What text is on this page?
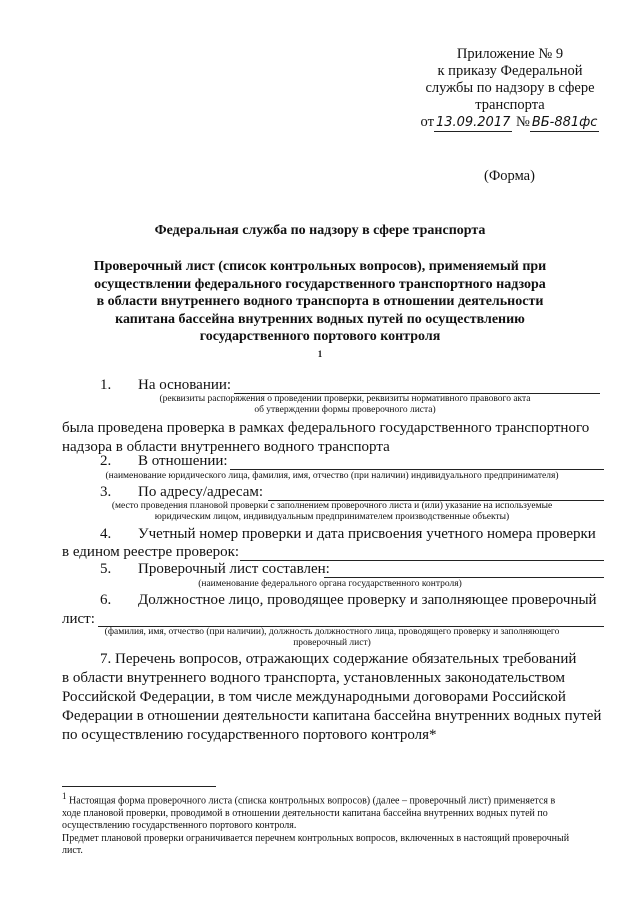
Приложение № 9
к приказу Федеральной
службы по надзору в сфере
транспорта
от 13.09.2017 № ВБ-881фс
(Форма)
Федеральная служба по надзору в сфере транспорта
Проверочный лист (список контрольных вопросов), применяемый при
осуществлении федерального государственного транспортного надзора
в области внутреннего водного транспорта в отношении деятельности
капитана бассейна внутренних водных путей по осуществлению
государственного портового контроля
$^1$
1. На основании:
(реквизиты распоряжения о проведении проверки, реквизиты нормативного правового акта
об утверждении формы проверочного листа)
была проведена проверка в рамках федерального государственного транспортного
надзора в области внутреннего водного транспорта
2. В отношении:
(наименование юридического лица, фамилия, имя, отчество (при наличии) индивидуального предпринимателя)
3. По адресу/адресам:
(место проведения плановой проверки с заполнением проверочного листа и (или) указание на используемые
юридическим лицом, индивидуальным предпринимателем производственные объекты)
4. Учетный номер проверки и дата присвоения учетного номера проверки
в едином реестре проверок:
5. Проверочный лист составлен:
(наименование федерального органа государственного контроля)
6. Должностное лицо, проводящее проверку и заполняющее проверочный
лист:
(фамилия, имя, отчество (при наличии), должность должностного лица, проводящего проверку и заполняющего
проверочный лист)
7. Перечень вопросов, отражающих содержание обязательных требований
в области внутреннего водного транспорта, установленных законодательством
Российской Федерации, в том числе международными договорами Российской
Федерации в отношении деятельности капитана бассейна внутренних водных путей
по осуществлению государственного портового контроля*
$^1$ Настоящая форма проверочного листа (списка контрольных вопросов) (далее – проверочный лист) применяется в
ходе плановой проверки, проводимой в отношении деятельности капитана бассейна внутренних водных путей по
осуществлению государственного портового контроля.
Предмет плановой проверки ограничивается перечнем контрольных вопросов, включенных в настоящий проверочный
лист.
